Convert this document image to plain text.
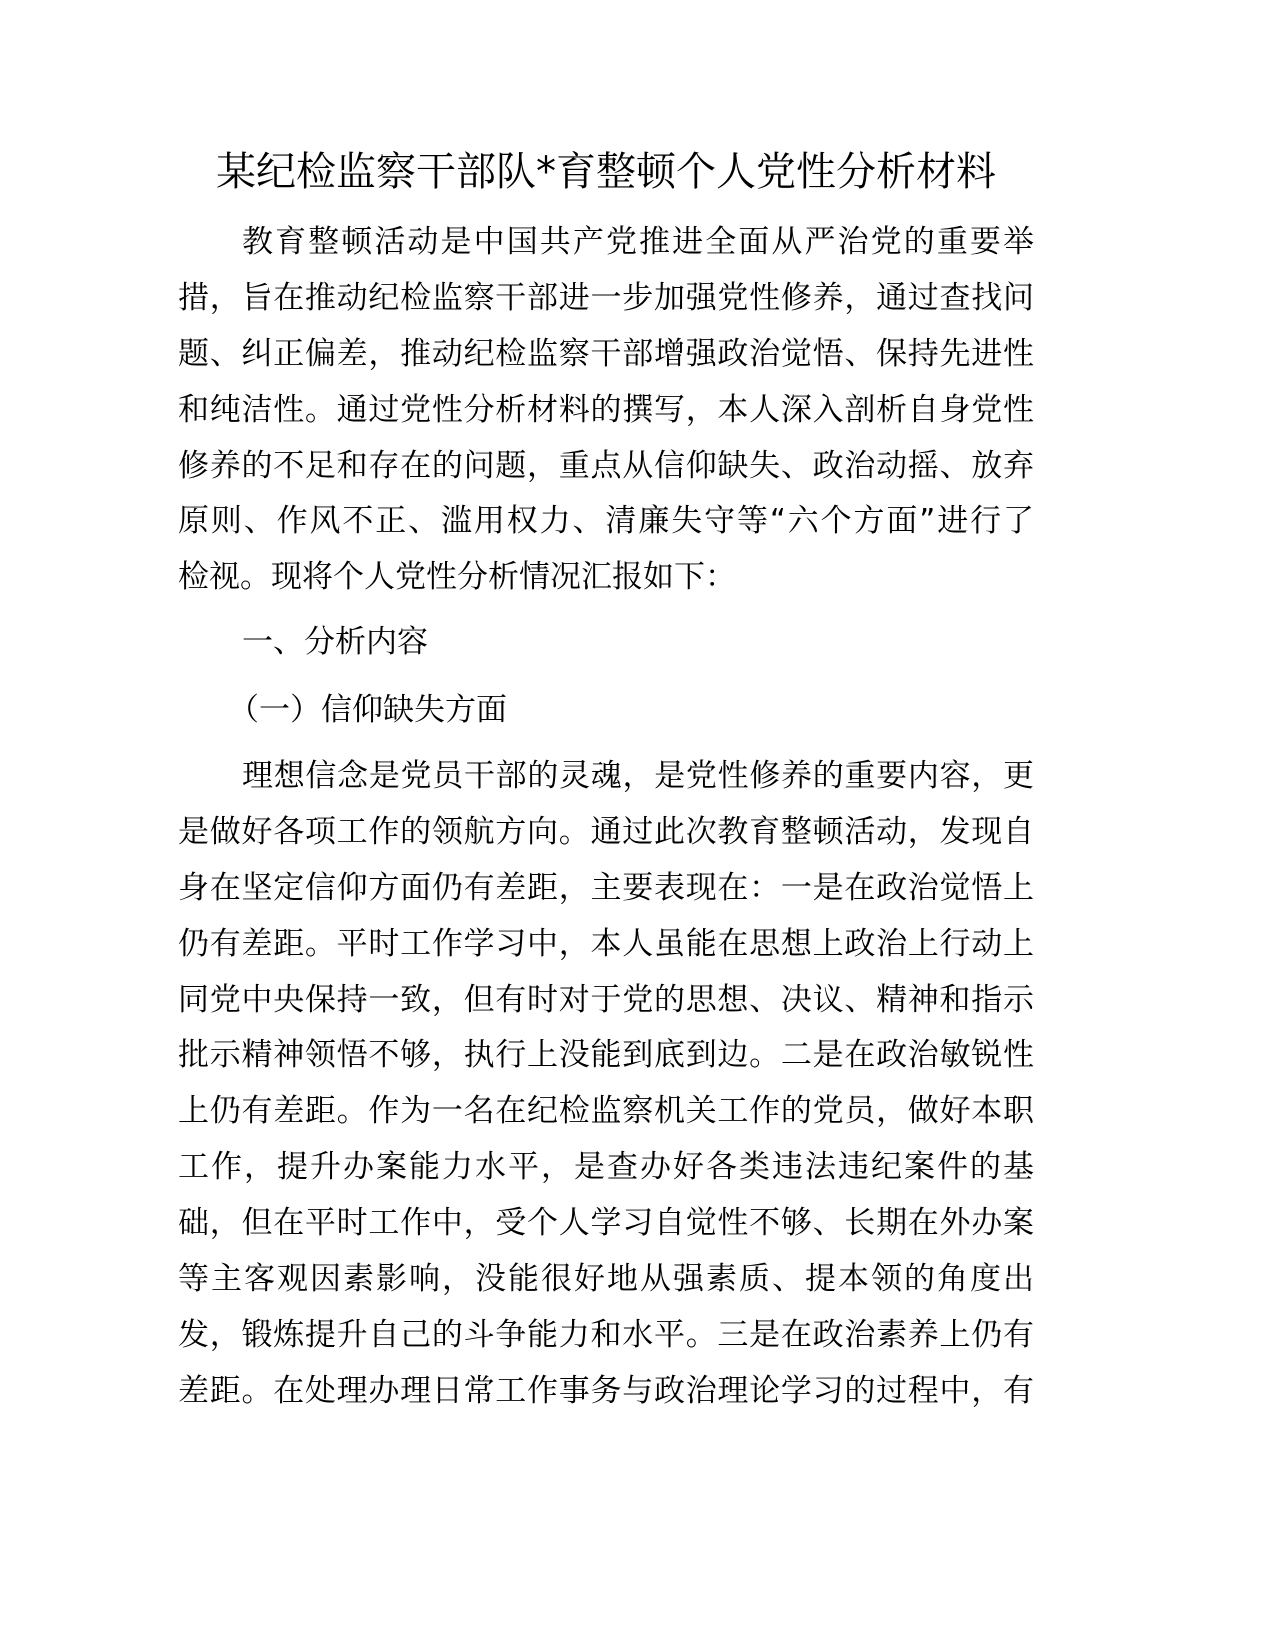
某纪检监察干部队*育整顿个人党性分析材料
教育整顿活动是中国共产党推进全面从严治党的重要举
措，旨在推动纪检监察干部进一步加强党性修养，通过查找问
题、纠正偏差，推动纪检监察干部增强政治觉悟、保持先进性
和纯洁性。通过党性分析材料的撰写，本人深入剖析自身党性
修养的不足和存在的问题，重点从信仰缺失、政治动摇、放弃
原则、作风不正、滥用权力、清廉失守等“六个方面”进行了
检视。现将个人党性分析情况汇报如下：
一、分析内容
（一）信仰缺失方面
理想信念是党员干部的灵魂，是党性修养的重要内容，更
是做好各项工作的领航方向。通过此次教育整顿活动，发现自
身在坚定信仰方面仍有差距，主要表现在：一是在政治觉悟上
仍有差距。平时工作学习中，本人虽能在思想上政治上行动上
同党中央保持一致，但有时对于党的思想、决议、精神和指示
批示精神领悟不够，执行上没能到底到边。二是在政治敏锐性
上仍有差距。作为一名在纪检监察机关工作的党员，做好本职
工作，提升办案能力水平，是查办好各类违法违纪案件的基
础，但在平时工作中，受个人学习自觉性不够、长期在外办案
等主客观因素影响，没能很好地从强素质、提本领的角度出
发，锻炼提升自己的斗争能力和水平。三是在政治素养上仍有
差距。在处理办理日常工作事务与政治理论学习的过程中，有
